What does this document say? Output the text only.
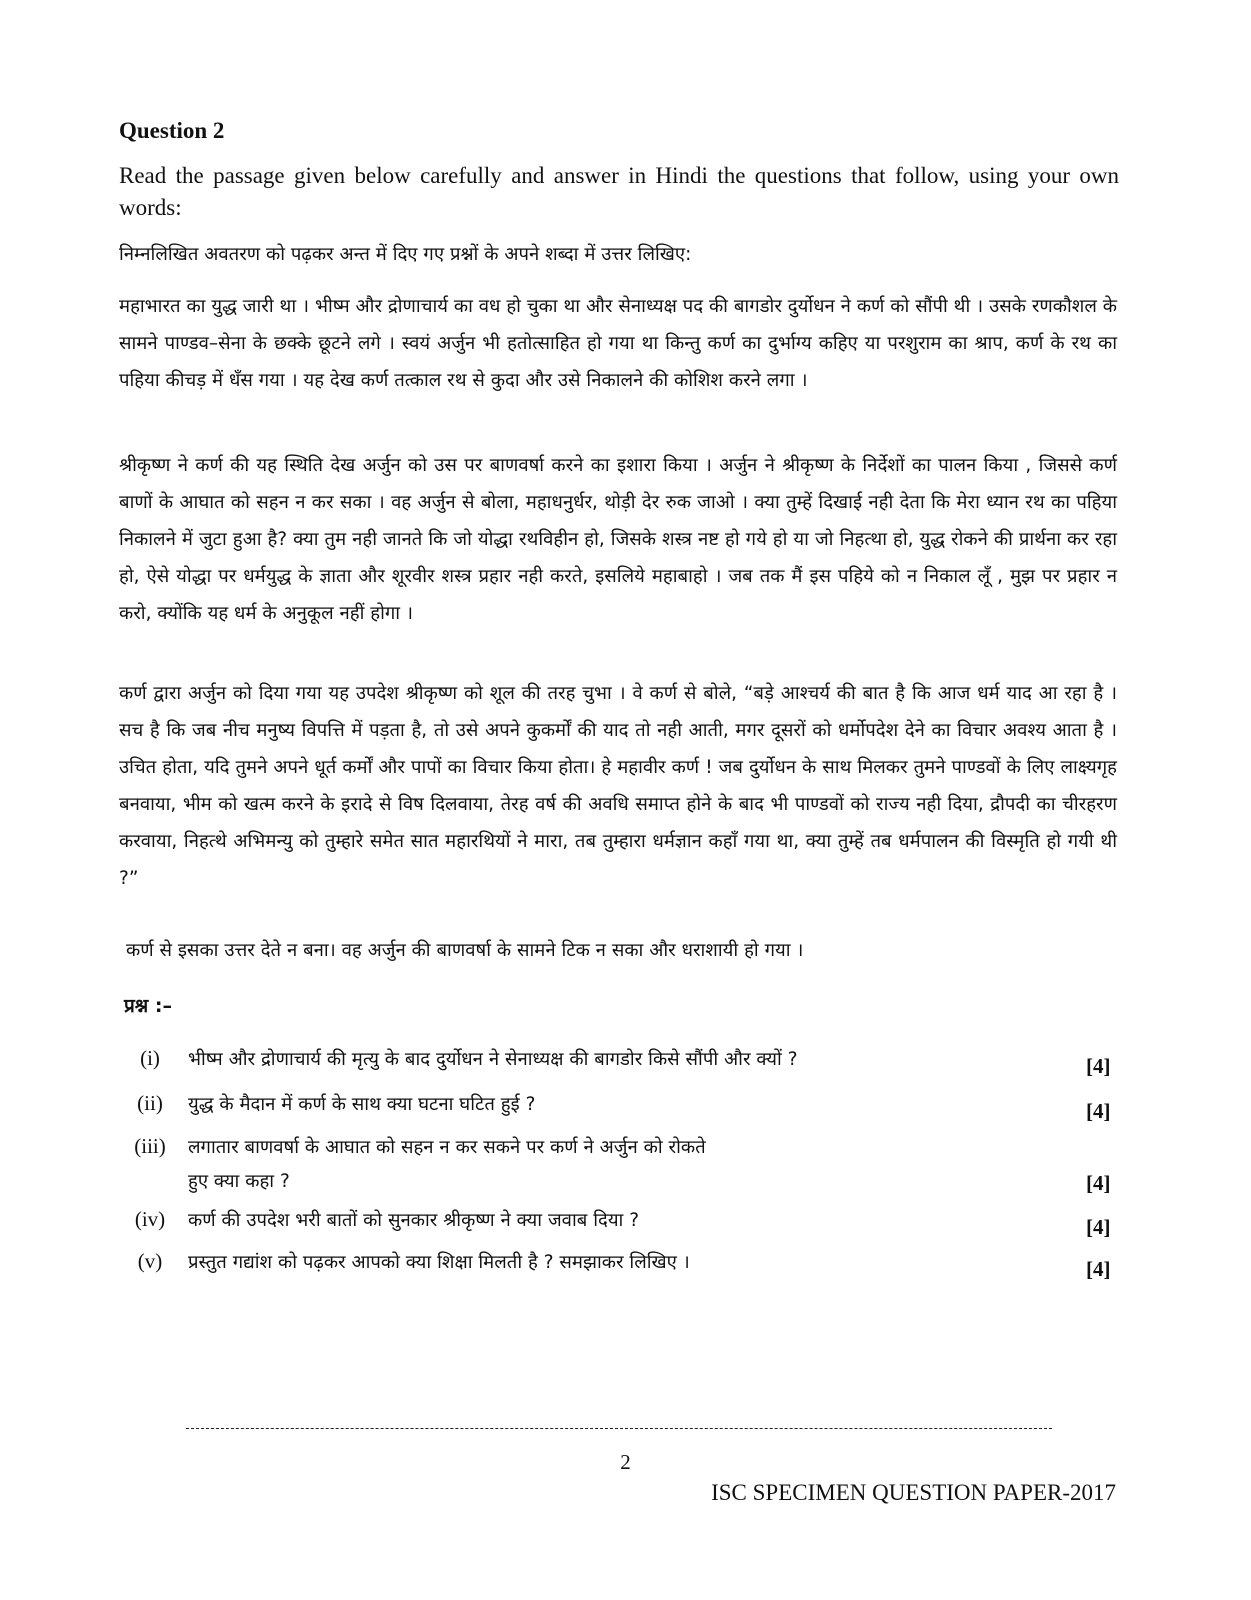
Question 2
Read the passage given below carefully and answer in Hindi the questions that follow, using your own words:
निम्नलिखित अवतरण को पढ़कर अन्त में दिए गए प्रश्नों के अपने शब्दा में उत्तर लिखिए:
महाभारत का युद्ध जारी था । भीष्म और द्रोणाचार्य का वध हो चुका था और सेनाध्यक्ष पद की बागडोर दुर्योधन ने कर्ण को सौंपी थी । उसके रणकौशल के सामने पाण्डव–सेना के छक्के छूटने लगे । स्वयं अर्जुन भी हतोत्साहित हो गया था किन्तु कर्ण का दुर्भाग्य कहिए या परशुराम का श्राप, कर्ण के रथ का पहिया कीचड़ में धँस गया । यह देख कर्ण तत्काल रथ से कुदा और उसे निकालने की कोशिश करने लगा ।
श्रीकृष्ण ने कर्ण की यह स्थिति देख अर्जुन को उस पर बाणवर्षा करने का इशारा किया । अर्जुन ने श्रीकृष्ण के निर्देशों का पालन किया , जिससे कर्ण बाणों के आघात को सहन न कर सका । वह अर्जुन से बोला, महाधनुर्धर, थोड़ी देर रुक जाओ । क्या तुम्हें दिखाई नही देता कि मेरा ध्यान रथ का पहिया निकालने में जुटा हुआ है? क्या तुम नही जानते कि जो योद्धा रथविहीन हो, जिसके शस्त्र नष्ट हो गये हो या जो निहत्था हो, युद्ध रोकने की प्रार्थना कर रहा हो, ऐसे योद्धा पर धर्मयुद्ध के ज्ञाता और शूरवीर शस्त्र प्रहार नही करते, इसलिये महाबाहो । जब तक मैं इस पहिये को न निकाल लूँ , मुझ पर प्रहार न करो, क्योंकि यह धर्म के अनुकूल नहीं होगा ।
कर्ण द्वारा अर्जुन को दिया गया यह उपदेश श्रीकृष्ण को शूल की तरह चुभा । वे कर्ण से बोले, “बड़े आश्चर्य की बात है कि आज धर्म याद आ रहा है । सच है कि जब नीच मनुष्य विपत्ति में पड़ता है, तो उसे अपने कुकर्मों की याद तो नही आती, मगर दूसरों को धर्मोपदेश देने का विचार अवश्य आता है । उचित होता, यदि तुमने अपने धूर्त कर्मों और पापों का विचार किया होता। हे महावीर कर्ण ! जब दुर्योधन के साथ मिलकर तुमने पाण्डवों के लिए लाक्ष्यगृह बनवाया, भीम को खत्म करने के इरादे से विष दिलवाया, तेरह वर्ष की अवधि समाप्त होने के बाद भी पाण्डवों को राज्य नही दिया, द्रौपदी का चीरहरण करवाया, निहत्थे अभिमन्यु को तुम्हारे समेत सात महारथियों ने मारा, तब तुम्हारा धर्मज्ञान कहाँ गया था, क्या तुम्हें तब धर्मपालन की विस्मृति हो गयी थी ?”
कर्ण से इसका उत्तर देते न बना। वह अर्जुन की बाणवर्षा के सामने टिक न सका और धराशायी हो गया ।
प्रश्न :–
(i)	भीष्म और द्रोणाचार्य की मृत्यु के बाद दुर्योधन ने सेनाध्यक्ष की बागडोर किसे सौंपी और क्यों ?	[4]
(ii)	युद्ध के मैदान में कर्ण के साथ क्या घटना घटित हुई ?	[4]
(iii)	लगातार बाणवर्षा के आघात को सहन न कर सकने पर कर्ण ने अर्जुन को रोकते
हुए क्या कहा ?	[4]
(iv)	कर्ण की उपदेश भरी बातों को सुनकार श्रीकृष्ण ने क्या जवाब दिया ?	[4]
(v)	प्रस्तुत गद्यांश को पढ़कर आपको क्या शिक्षा मिलती है ? समझाकर लिखिए ।	[4]
2
ISC SPECIMEN QUESTION PAPER-2017
